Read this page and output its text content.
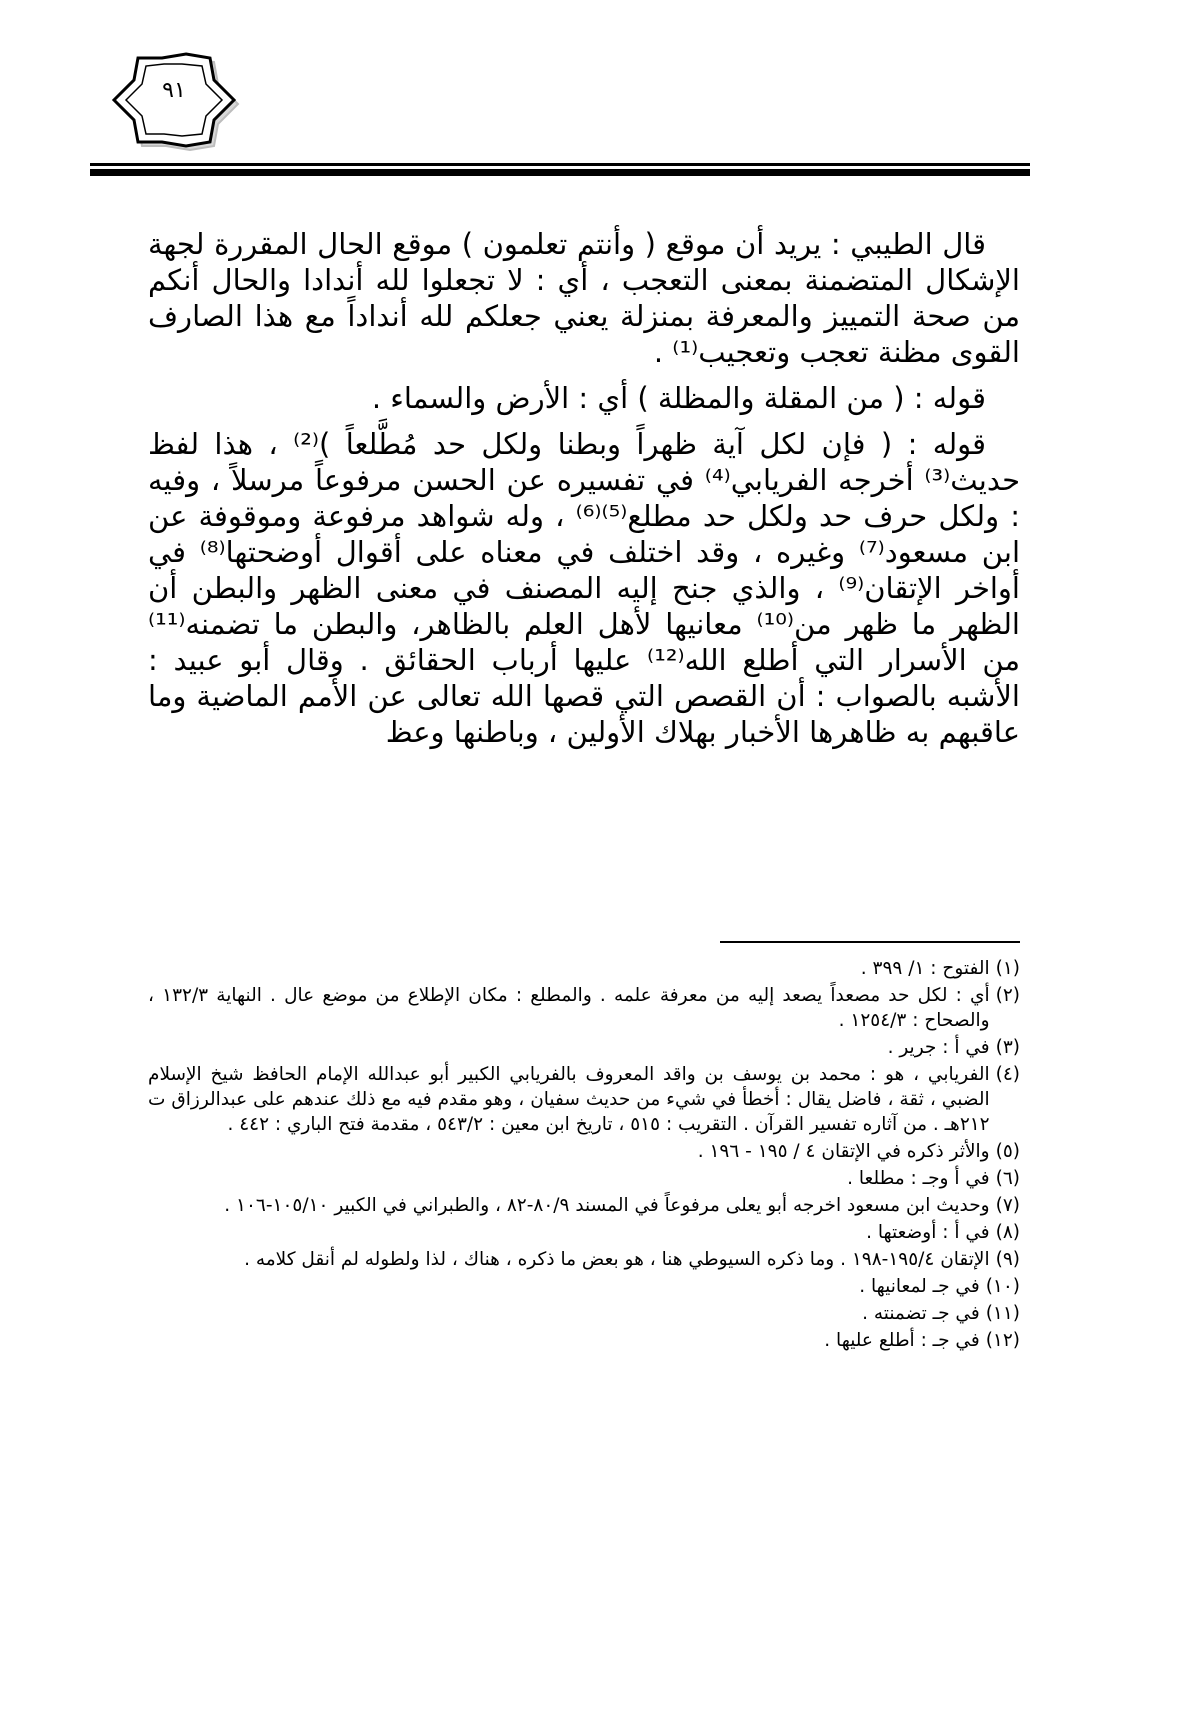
٩١

قال الطيبي : يريد أن موقع ( وأنتم تعلمون ) موقع الحال المقررة لجهة الإشكال المتضمنة بمعنى التعجب ، أي : لا تجعلوا لله أندادا والحال أنكم من صحة التمييز والمعرفة بمنزلة يعني جعلكم لله أنداداً مع هذا الصارف القوى مظنة تعجب وتعجيب⁽¹⁾ .

قوله : ( من المقلة والمظلة ) أي : الأرض والسماء .

قوله : ( فإن لكل آية ظهراً وبطنا ولكل حد مُطَّلعاً )⁽²⁾ ، هذا لفظ حديث⁽³⁾ أخرجه الفريابي⁽⁴⁾ في تفسيره عن الحسن مرفوعاً مرسلاً ، وفيه : ولكل حرف حد ولكل حد مطلع⁽⁵⁾⁽⁶⁾ ، وله شواهد مرفوعة وموقوفة عن ابن مسعود⁽⁷⁾ وغيره ، وقد اختلف في معناه على أقوال أوضحتها⁽⁸⁾ في أواخر الإتقان⁽⁹⁾ ، والذي جنح إليه المصنف في معنى الظهر والبطن أن الظهر ما ظهر من⁽¹⁰⁾ معانيها لأهل العلم بالظاهر، والبطن ما تضمنه⁽¹¹⁾ من الأسرار التي أطلع الله⁽¹²⁾ عليها أرباب الحقائق . وقال أبو عبيد : الأشبه بالصواب : أن القصص التي قصها الله تعالى عن الأمم الماضية وما عاقبهم به ظاهرها الأخبار بهلاك الأولين ، وباطنها وعظ

(١)
الفتوح : ١/ ٣٩٩ .
(٢)
أي : لكل حد مصعداً يصعد إليه من معرفة علمه . والمطلع : مكان الإطلاع من موضع عال . النهاية ١٣٢/٣ ، والصحاح : ١٢٥٤/٣ .
(٣)
في أ : جرير .
(٤)
الفريابي ، هو : محمد بن يوسف بن واقد المعروف بالفريابي الكبير أبو عبدالله الإمام الحافظ شيخ الإسلام الضبي ، ثقة ، فاضل يقال : أخطأ في شيء من حديث سفيان ، وهو مقدم فيه مع ذلك عندهم على عبدالرزاق ت ٢١٢هـ . من آثاره تفسير القرآن . التقريب : ٥١٥ ، تاريخ ابن معين : ٥٤٣/٢ ، مقدمة فتح الباري : ٤٤٢ .
(٥)
والأثر ذكره في الإتقان ٤ / ١٩٥ - ١٩٦ .
(٦)
في أ وجـ : مطلعا .
(٧)
وحديث ابن مسعود اخرجه أبو يعلى مرفوعاً في المسند ٨٠/٩-٨٢ ، والطبراني في الكبير ١٠٥/١٠-١٠٦ .
(٨)
في أ : أوضعتها .
(٩)
الإتقان ١٩٥/٤-١٩٨ . وما ذكره السيوطي هنا ، هو بعض ما ذكره ، هناك ، لذا ولطوله لم أنقل كلامه .
(١٠)
في جـ لمعانيها .
(١١)
في جـ تضمنته .
(١٢)
في جـ : أطلع عليها .
